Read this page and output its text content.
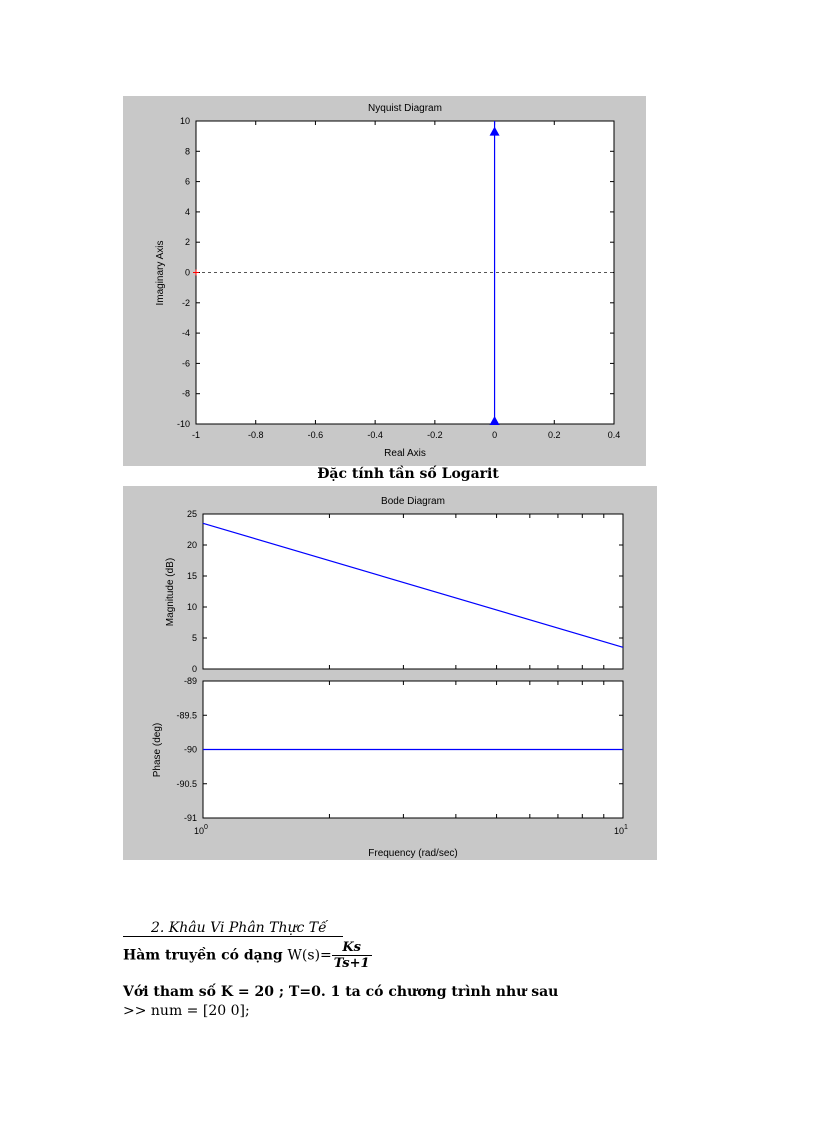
Nyquist Diagram
Real Axis
Imaginary Axis
-1	-0.8	-0.6	-0.4	-0.2	0	0.2	0.4
10
8
6
4
2
0
-2
-4
-6
-8
-10
Đặc tính tần số Logarit
Bode Diagram
Frequency (rad/sec)
Magnitude (dB)
Phase (deg)
25
20
15
10
5
0
-89
-89.5
-90
-90.5
-91
$10^0$	$10^1$
2. Khâu Vi Phân Thực Tế
Hàm truyền có dạng $W(s)= \frac{Ks}{Ts+1}$
Với tham số K = 20 ; T=0. 1 ta có chương trình như sau
>> num = [20 0];
